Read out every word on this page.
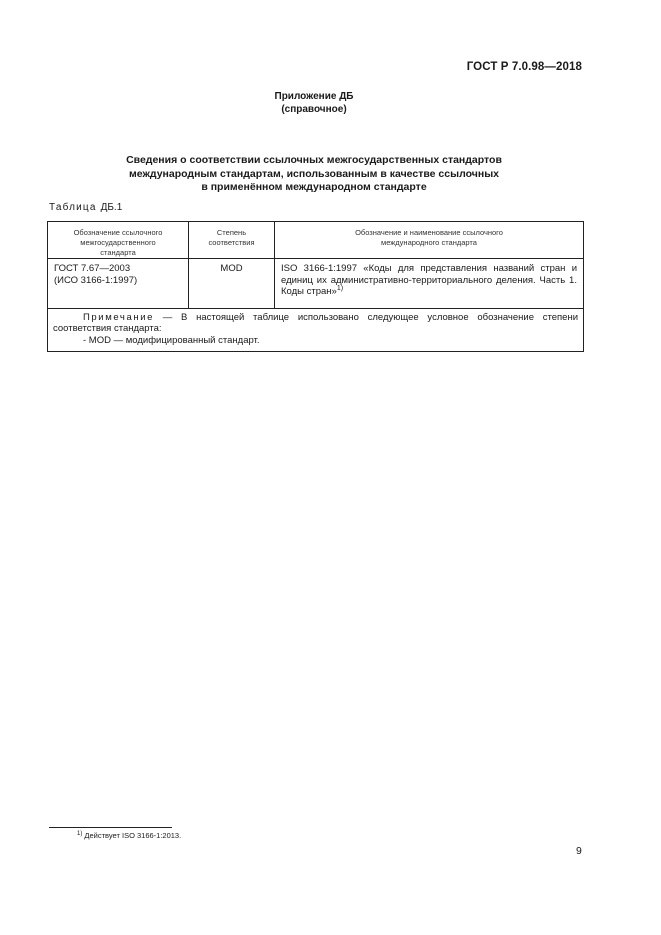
ГОСТ Р 7.0.98—2018
Приложение ДБ
(справочное)
Сведения о соответствии ссылочных межгосударственных стандартов
международным стандартам, использованным в качестве ссылочных
в применённом международном стандарте
Таблица ДБ.1
Обозначение ссылочного межгосударственного стандарта	Степень соответствия	Обозначение и наименование ссылочного международного стандарта

ГОСТ 7.67—2003
(ИСО 3166-1:1997)	MOD	ISO 3166-1:1997 «Коды для представления названий стран и единиц их административно-территориального деления. Часть 1. Коды стран»$^{1)}$

Примечание — В настоящей таблице использовано следующее условное обозначение степени соответствия стандарта:
- MOD — модифицированный стандарт.		
$^{1)}$ Действует ISO 3166-1:2013.
9
